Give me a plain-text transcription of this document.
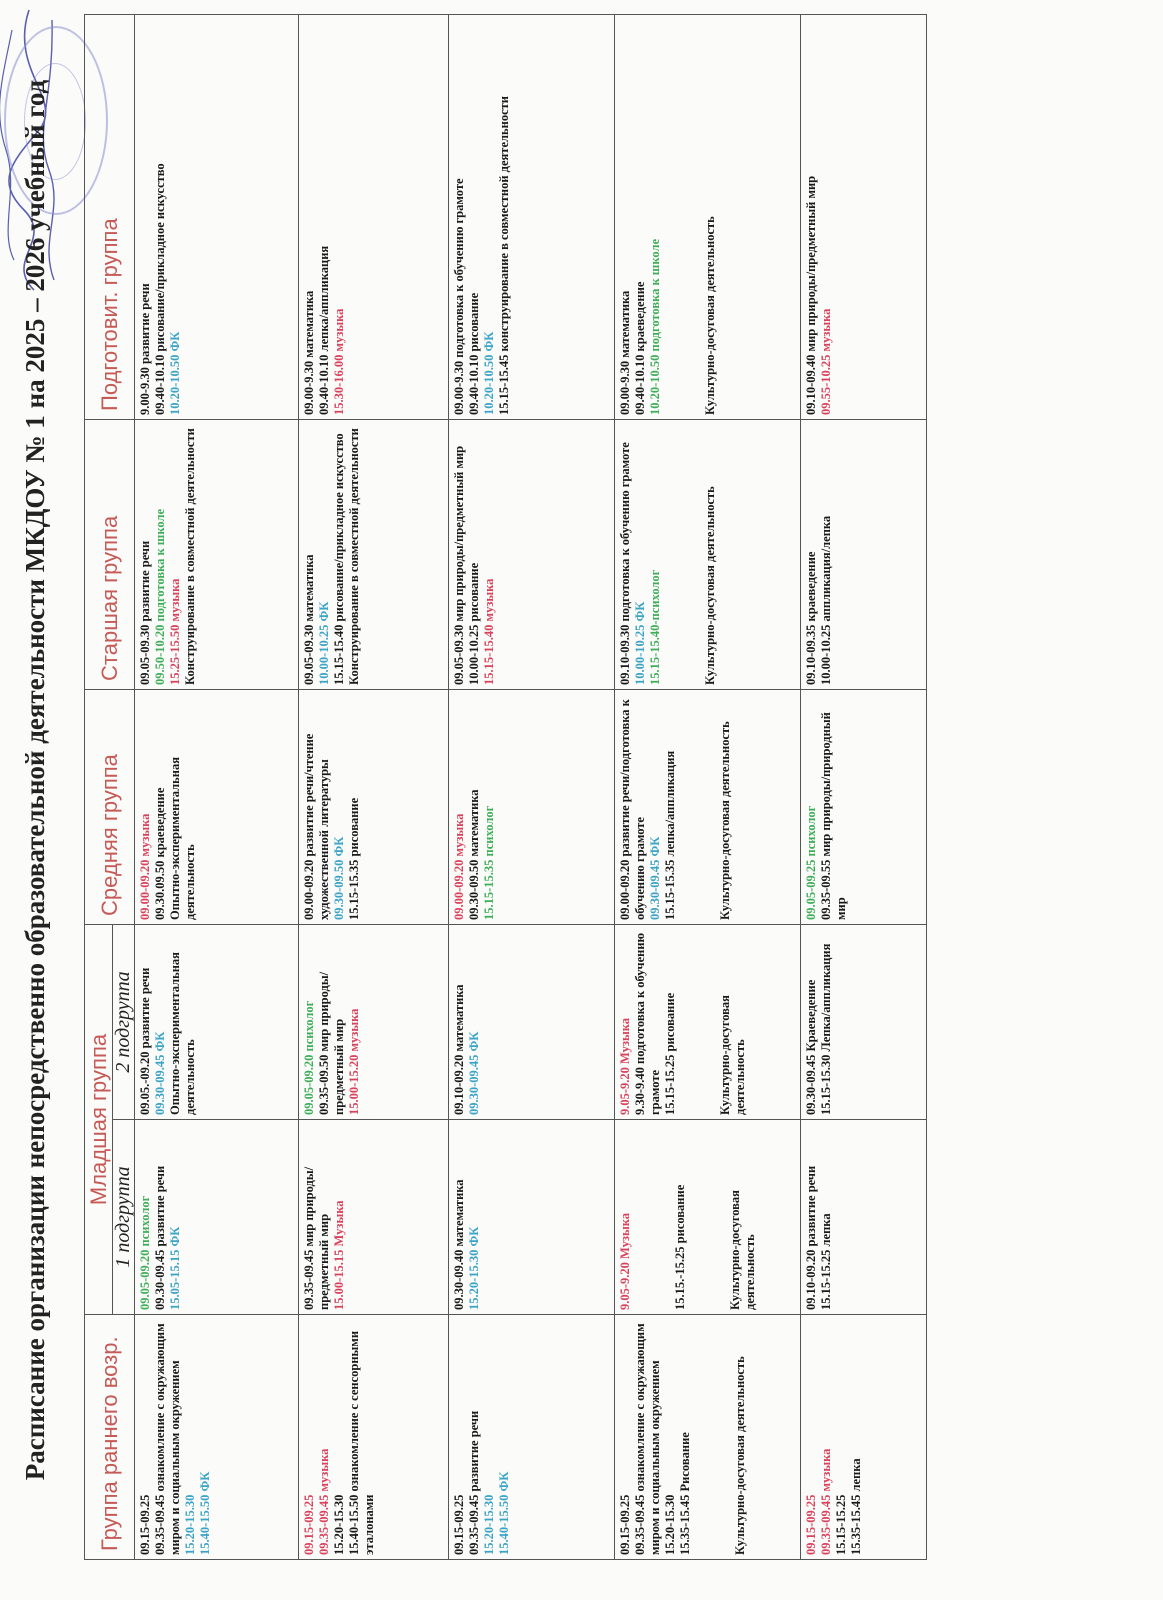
Расписание организации непосредственно образовательной деятельности МКДОУ № 1 на 2025 – 2026 учебный год Группа раннего возр.	Младшая группа		Средняя группа	Старшая группа	Подготовит. группа
	1 подгруппа	2 подгруппа			

09.15-09.25 09.35-09.45 ознакомление с окружающим миром и социальным окружением 15.20-15.30 15.40-15.50 ФК	09.05-09.20 психолог 09.30-09.45 развитие речи 15.05-15.15 ФК	09.05.-09.20 развитие речи 09.30-09.45 ФК Опытно-экспериментальная деятельность	09.00-09.20 музыка 09.30.09.50 краеведение Опытно-экспериментальная деятельность	09.05-09.30 развитие речи 09.50-10.20 подготовка к школе 15.25-15.50 музыка Конструирование в совместной деятельности	9.00-9.30 развитие речи 09.40-10.10 рисование/прикладное искусство 10.20-10.50 ФК

09.15-09.25 09.35-09.45 музыка 15.20-15.30 15.40-15.50 ознакомление с сенсорными эталонами	09.35-09.45 мир природы/предметный мир 15.00-15.15 Музыка	09.05-09.20 психолог 09.35-09.50 мир природы/предметный мир 15.00-15.20 музыка	09.00-09.20 развитие речи/чтение художественной литературы 09.30-09.50 ФК 15.15-15.35 рисование	09.05-09.30 математика 10.00-10.25 ФК 15.15-15.40 рисование/прикладное искусство Конструирование в совместной деятельности	09.00-9.30 математика 09.40-10.10 лепка/аппликация 15.30-16.00 музыка

09.15-09.25 09.35-09.45 развитие речи 15.20-15.30 15.40-15.50 ФК	09.30-09.40 математика 15.20-15.30 ФК	09.10-09.20 математика 09.30-09.45 ФК	09.00-09.20 музыка 09.30-09.50 математика 15.15-15.35 психолог	09.05-09.30 мир природы/предметный мир 10.00-10.25 рисование 15.15-15.40 музыка	09.00-9.30 подготовка к обучению грамоте 09.40-10.10 рисование 10.20-10.50 ФК 15.15-15.45 конструирование в совместной деятельности

09.15-09.25 09.35-09.45 ознакомление с окружающим миром и социальным окружением 15.20-15.30 15.35-15.45 Рисование Культурно-досуговая деятельность	9.05-9.20 Музыка 15.15.-15.25 рисование Культурно-досуговая деятельность	9.05-9.20 Музыка 9.30-9.40 подготовка к обучению грамоте 15.15-15.25 рисование Культурно-досуговая деятельность	09.00-09.20 развитие речи/подготовка к обучению грамоте 09.30-09.45 ФК 15.15-15.35 лепка/аппликация Культурно-досуговая деятельность	09.10-09.30 подготовка к обучению грамоте 10.00-10.25 ФК 15.15-15.40-психолог Культурно-досуговая деятельность	09.00-9.30 математика 09.40-10.10 краеведение 10.20-10.50 подготовка к школе Культурно-досуговая деятельность

09.15-09.25 09.35-09.45 музыка 15.15-15.25 15.35-15.45 лепка	09.10-09.20 развитие речи 15.15-15.25 лепка	09.30-09.45 Краеведение 15.15-15.30 Лепка/аппликация	09.05-09.25 психолог 09.35-09.55 мир природы/природный мир	09.10-09.35 краеведение 10.00-10.25 аппликация/лепка	09.10-09.40 мир природы/предметный мир 09.55-10.25 музыка
